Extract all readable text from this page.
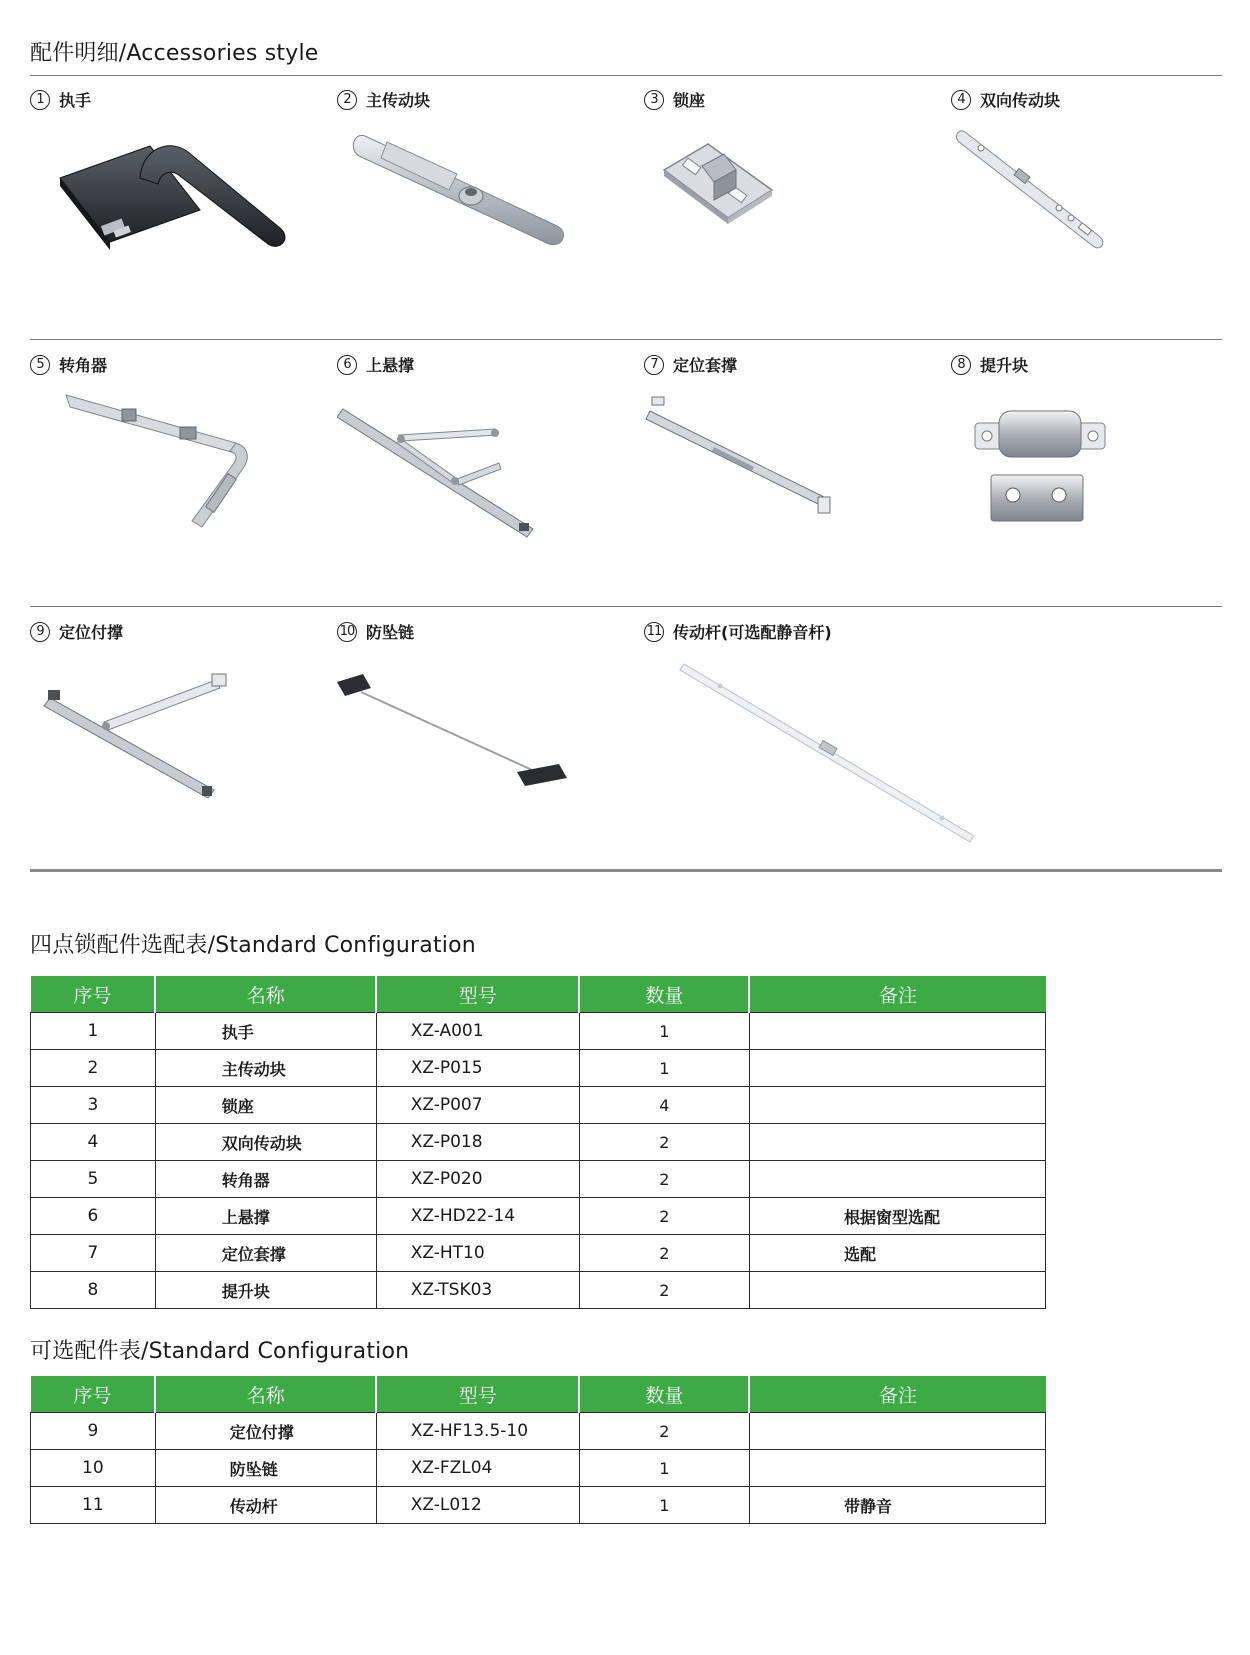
配件明细/Accessories style
1 执手	2 主传动块	3 锁座	4 双向传动块
5 转角器	6 上悬撑	7 定位套撑	8 提升块
9 定位付撑	10 防坠链	11 传动杆(可选配静音杆)
四点锁配件选配表/Standard Configuration
序号	名称	型号	数量	备注
1	执手	XZ-A001	1	
2	主传动块	XZ-P015	1	
3	锁座	XZ-P007	4	
4	双向传动块	XZ-P018	2	
5	转角器	XZ-P020	2	
6	上悬撑	XZ-HD22-14	2	根据窗型选配
7	定位套撑	XZ-HT10	2	选配
8	提升块	XZ-TSK03	2	
可选配件表/Standard Configuration
序号	名称	型号	数量	备注
9	定位付撑	XZ-HF13.5-10	2	
10	防坠链	XZ-FZL04	1	
11	传动杆	XZ-L012	1	带静音
